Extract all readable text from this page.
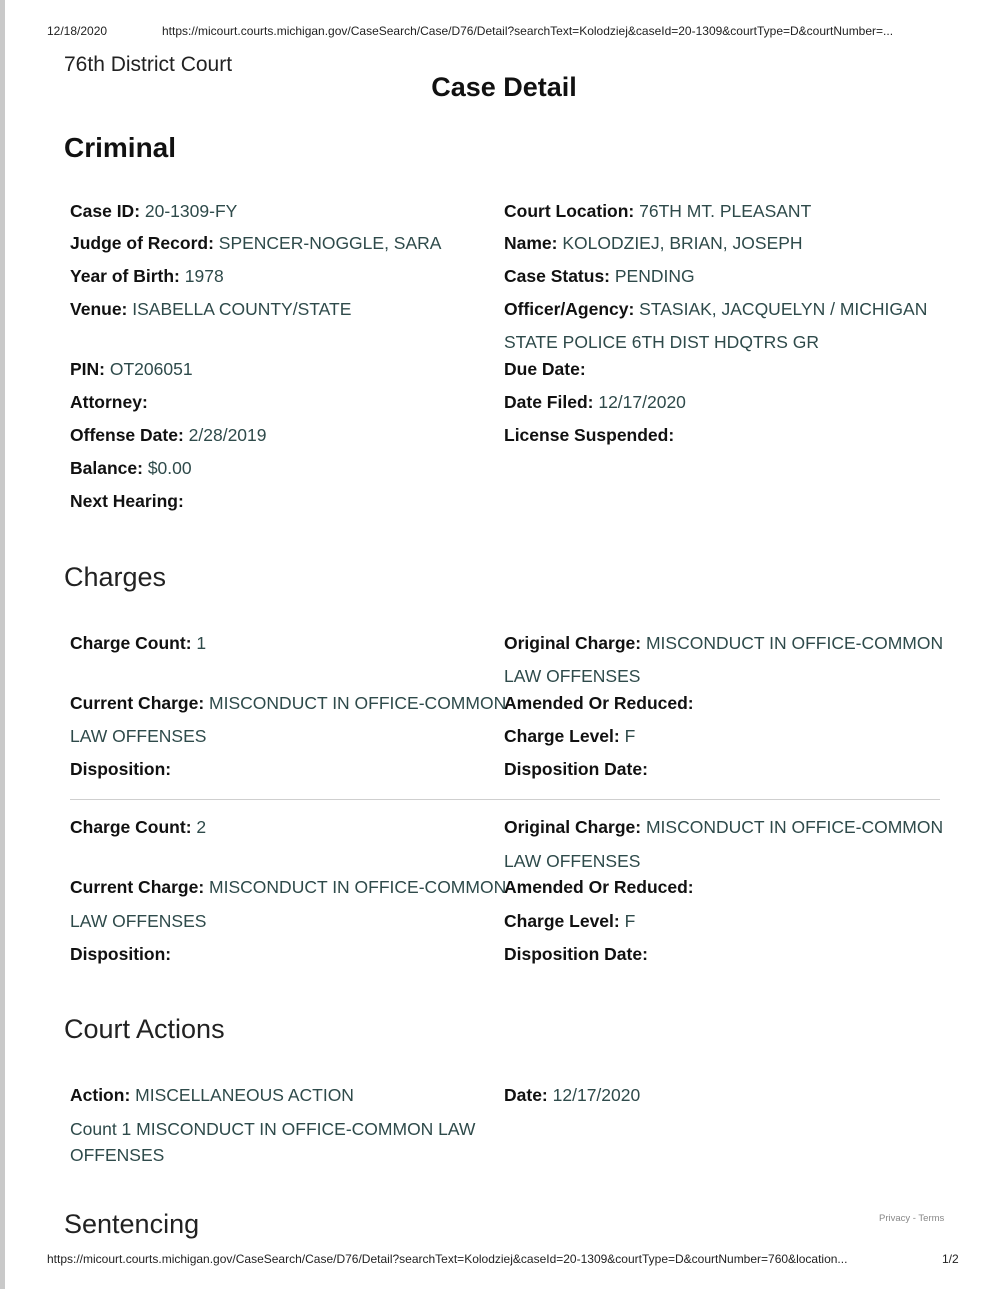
12/18/2020	https://micourt.courts.michigan.gov/CaseSearch/Case/D76/Detail?searchText=Kolodziej&caseId=20-1309&courtType=D&courtNumber=...
76th District Court
Case Detail
Criminal
Case ID: 20-1309-FY
Judge of Record: SPENCER-NOGGLE, SARA
Year of Birth: 1978
Venue: ISABELLA COUNTY/STATE
PIN: OT206051
Attorney:
Offense Date: 2/28/2019
Balance: $0.00
Next Hearing:
Court Location: 76TH MT. PLEASANT
Name: KOLODZIEJ, BRIAN, JOSEPH
Case Status: PENDING
Officer/Agency: STASIAK, JACQUELYN / MICHIGAN
STATE POLICE 6TH DIST HDQTRS GR
Due Date:
Date Filed: 12/17/2020
License Suspended:
Charges
Charge Count: 1
Current Charge: MISCONDUCT IN OFFICE-COMMON
LAW OFFENSES
Disposition:
Original Charge: MISCONDUCT IN OFFICE-COMMON
LAW OFFENSES
Amended Or Reduced:
Charge Level: F
Disposition Date:
Charge Count: 2
Current Charge: MISCONDUCT IN OFFICE-COMMON
LAW OFFENSES
Disposition:
Original Charge: MISCONDUCT IN OFFICE-COMMON
LAW OFFENSES
Amended Or Reduced:
Charge Level: F
Disposition Date:
Court Actions
Action: MISCELLANEOUS ACTION
Count 1 MISCONDUCT IN OFFICE-COMMON LAW
OFFENSES
Date: 12/17/2020
Sentencing	Privacy - Terms
https://micourt.courts.michigan.gov/CaseSearch/Case/D76/Detail?searchText=Kolodziej&caseId=20-1309&courtType=D&courtNumber=760&location...	1/2
